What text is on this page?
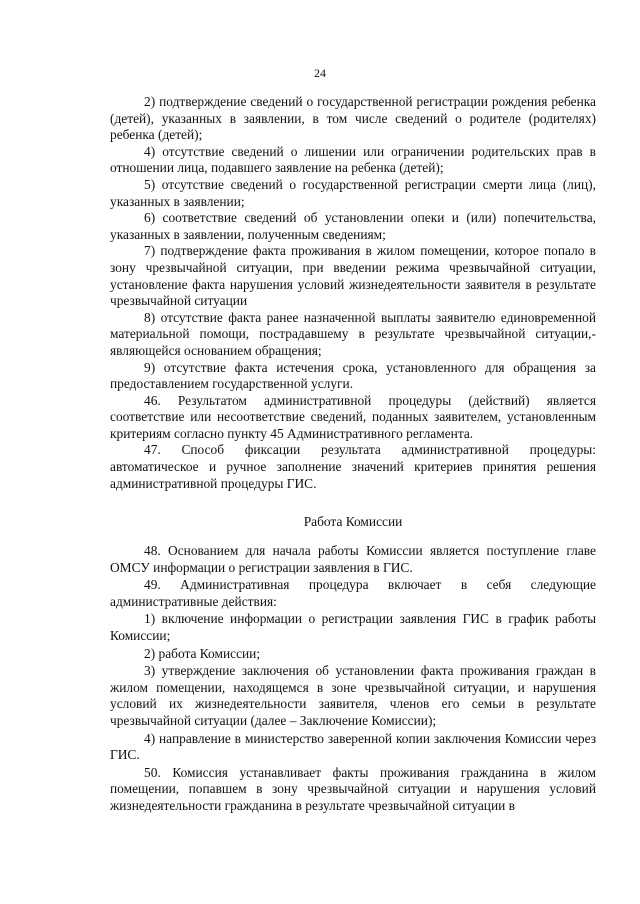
24

2) подтверждение сведений о государственной регистрации рождения ребенка (детей), указанных в заявлении, в том числе сведений о родителе (родителях) ребенка (детей);

4) отсутствие сведений о лишении или ограничении родительских прав в отношении лица, подавшего заявление на ребенка (детей);

5) отсутствие сведений о государственной регистрации смерти лица (лиц), указанных в заявлении;

6) соответствие сведений об установлении опеки и (или) попечительства, указанных в заявлении, полученным сведениям;

7) подтверждение факта проживания в жилом помещении, которое попало в зону чрезвычайной ситуации, при введении режима чрезвычайной ситуации, установление факта нарушения условий жизнедеятельности заявителя в результате чрезвычайной ситуации

8) отсутствие факта ранее назначенной выплаты заявителю единовременной материальной помощи, пострадавшему в результате чрезвычайной ситуации,-являющейся основанием обращения;

9) отсутствие факта истечения срока, установленного для обращения за предоставлением государственной услуги.

46. Результатом административной процедуры (действий) является соответствие или несоответствие сведений, поданных заявителем, установленным критериям согласно пункту 45 Административного регламента.

47. Способ фиксации результата административной процедуры: автоматическое и ручное заполнение значений критериев принятия решения административной процедуры ГИС.

Работа Комиссии

48. Основанием для начала работы Комиссии является поступление главе ОМСУ информации о регистрации заявления в ГИС.

49. Административная процедура включает в себя следующие административные действия:

1) включение информации о регистрации заявления ГИС в график работы Комиссии;

2) работа Комиссии;

3) утверждение заключения об установлении факта проживания граждан в жилом помещении, находящемся в зоне чрезвычайной ситуации, и нарушения условий их жизнедеятельности заявителя, членов его семьи в результате чрезвычайной ситуации (далее – Заключение Комиссии);

4) направление в министерство заверенной копии заключения Комиссии через ГИС.

50. Комиссия устанавливает факты проживания гражданина в жилом помещении, попавшем в зону чрезвычайной ситуации и нарушения условий жизнедеятельности гражданина в результате чрезвычайной ситуации в
